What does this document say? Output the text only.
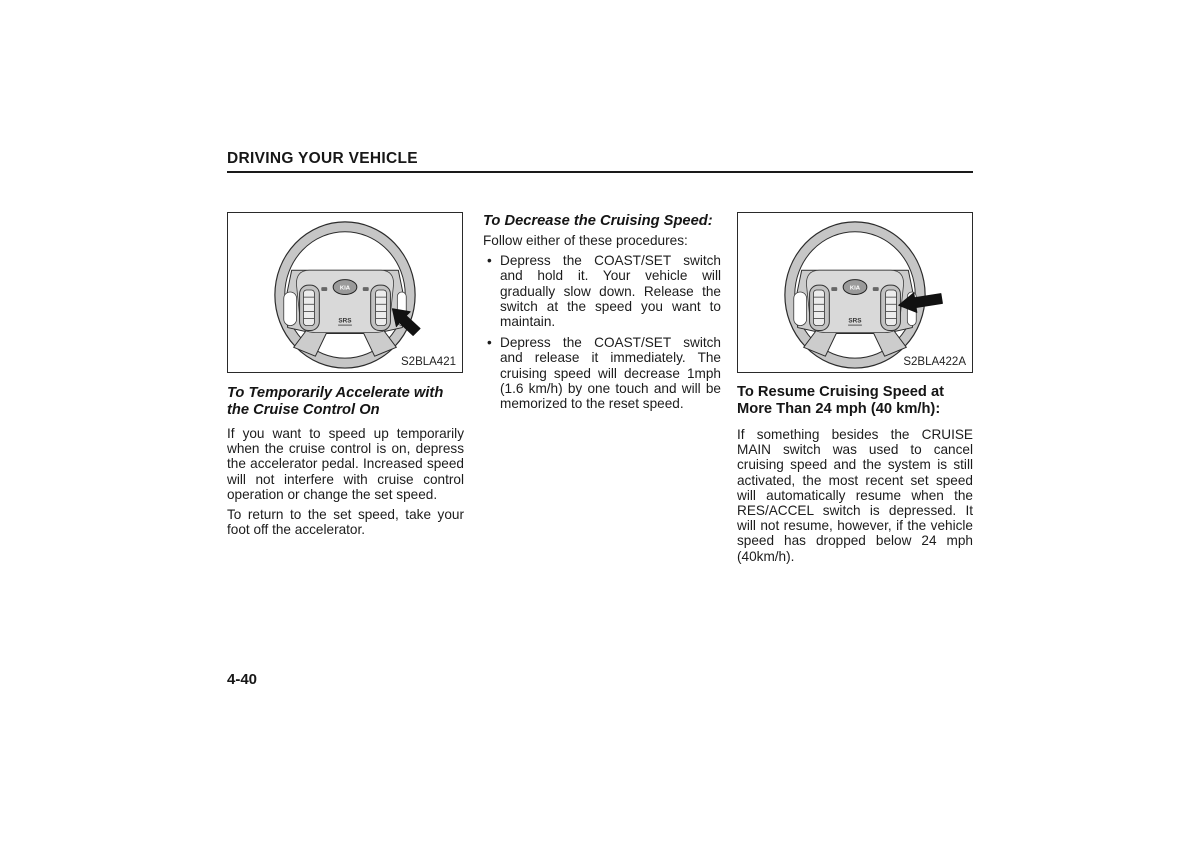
DRIVING YOUR VEHICLE
KIA
SRS
S2BLA421
KIA
SRS
S2BLA422A
To Temporarily Accelerate with the Cruise Control On

If you want to speed up temporarily when the cruise control is on, depress the accelerator pedal. Increased speed will not interfere with cruise control operation or change the set speed.

To return to the set speed, take your foot off the accelerator.

To Decrease the Cruising Speed:
Follow either of these procedures:
• Depress the COAST/SET switch and hold it. Your vehicle will gradually slow down. Release the switch at the speed you want to maintain.
• Depress the COAST/SET switch and release it immediately. The cruising speed will decrease 1mph (1.6 km/h) by one touch and will be memorized to the reset speed.
To Resume Cruising Speed at More Than 24 mph (40 km/h):

If something besides the CRUISE MAIN switch was used to cancel cruising speed and the system is still activated, the most recent set speed will automatically resume when the RES/ACCEL switch is depressed. It will not resume, however, if the vehicle speed has dropped below 24 mph (40km/h).

4-40
